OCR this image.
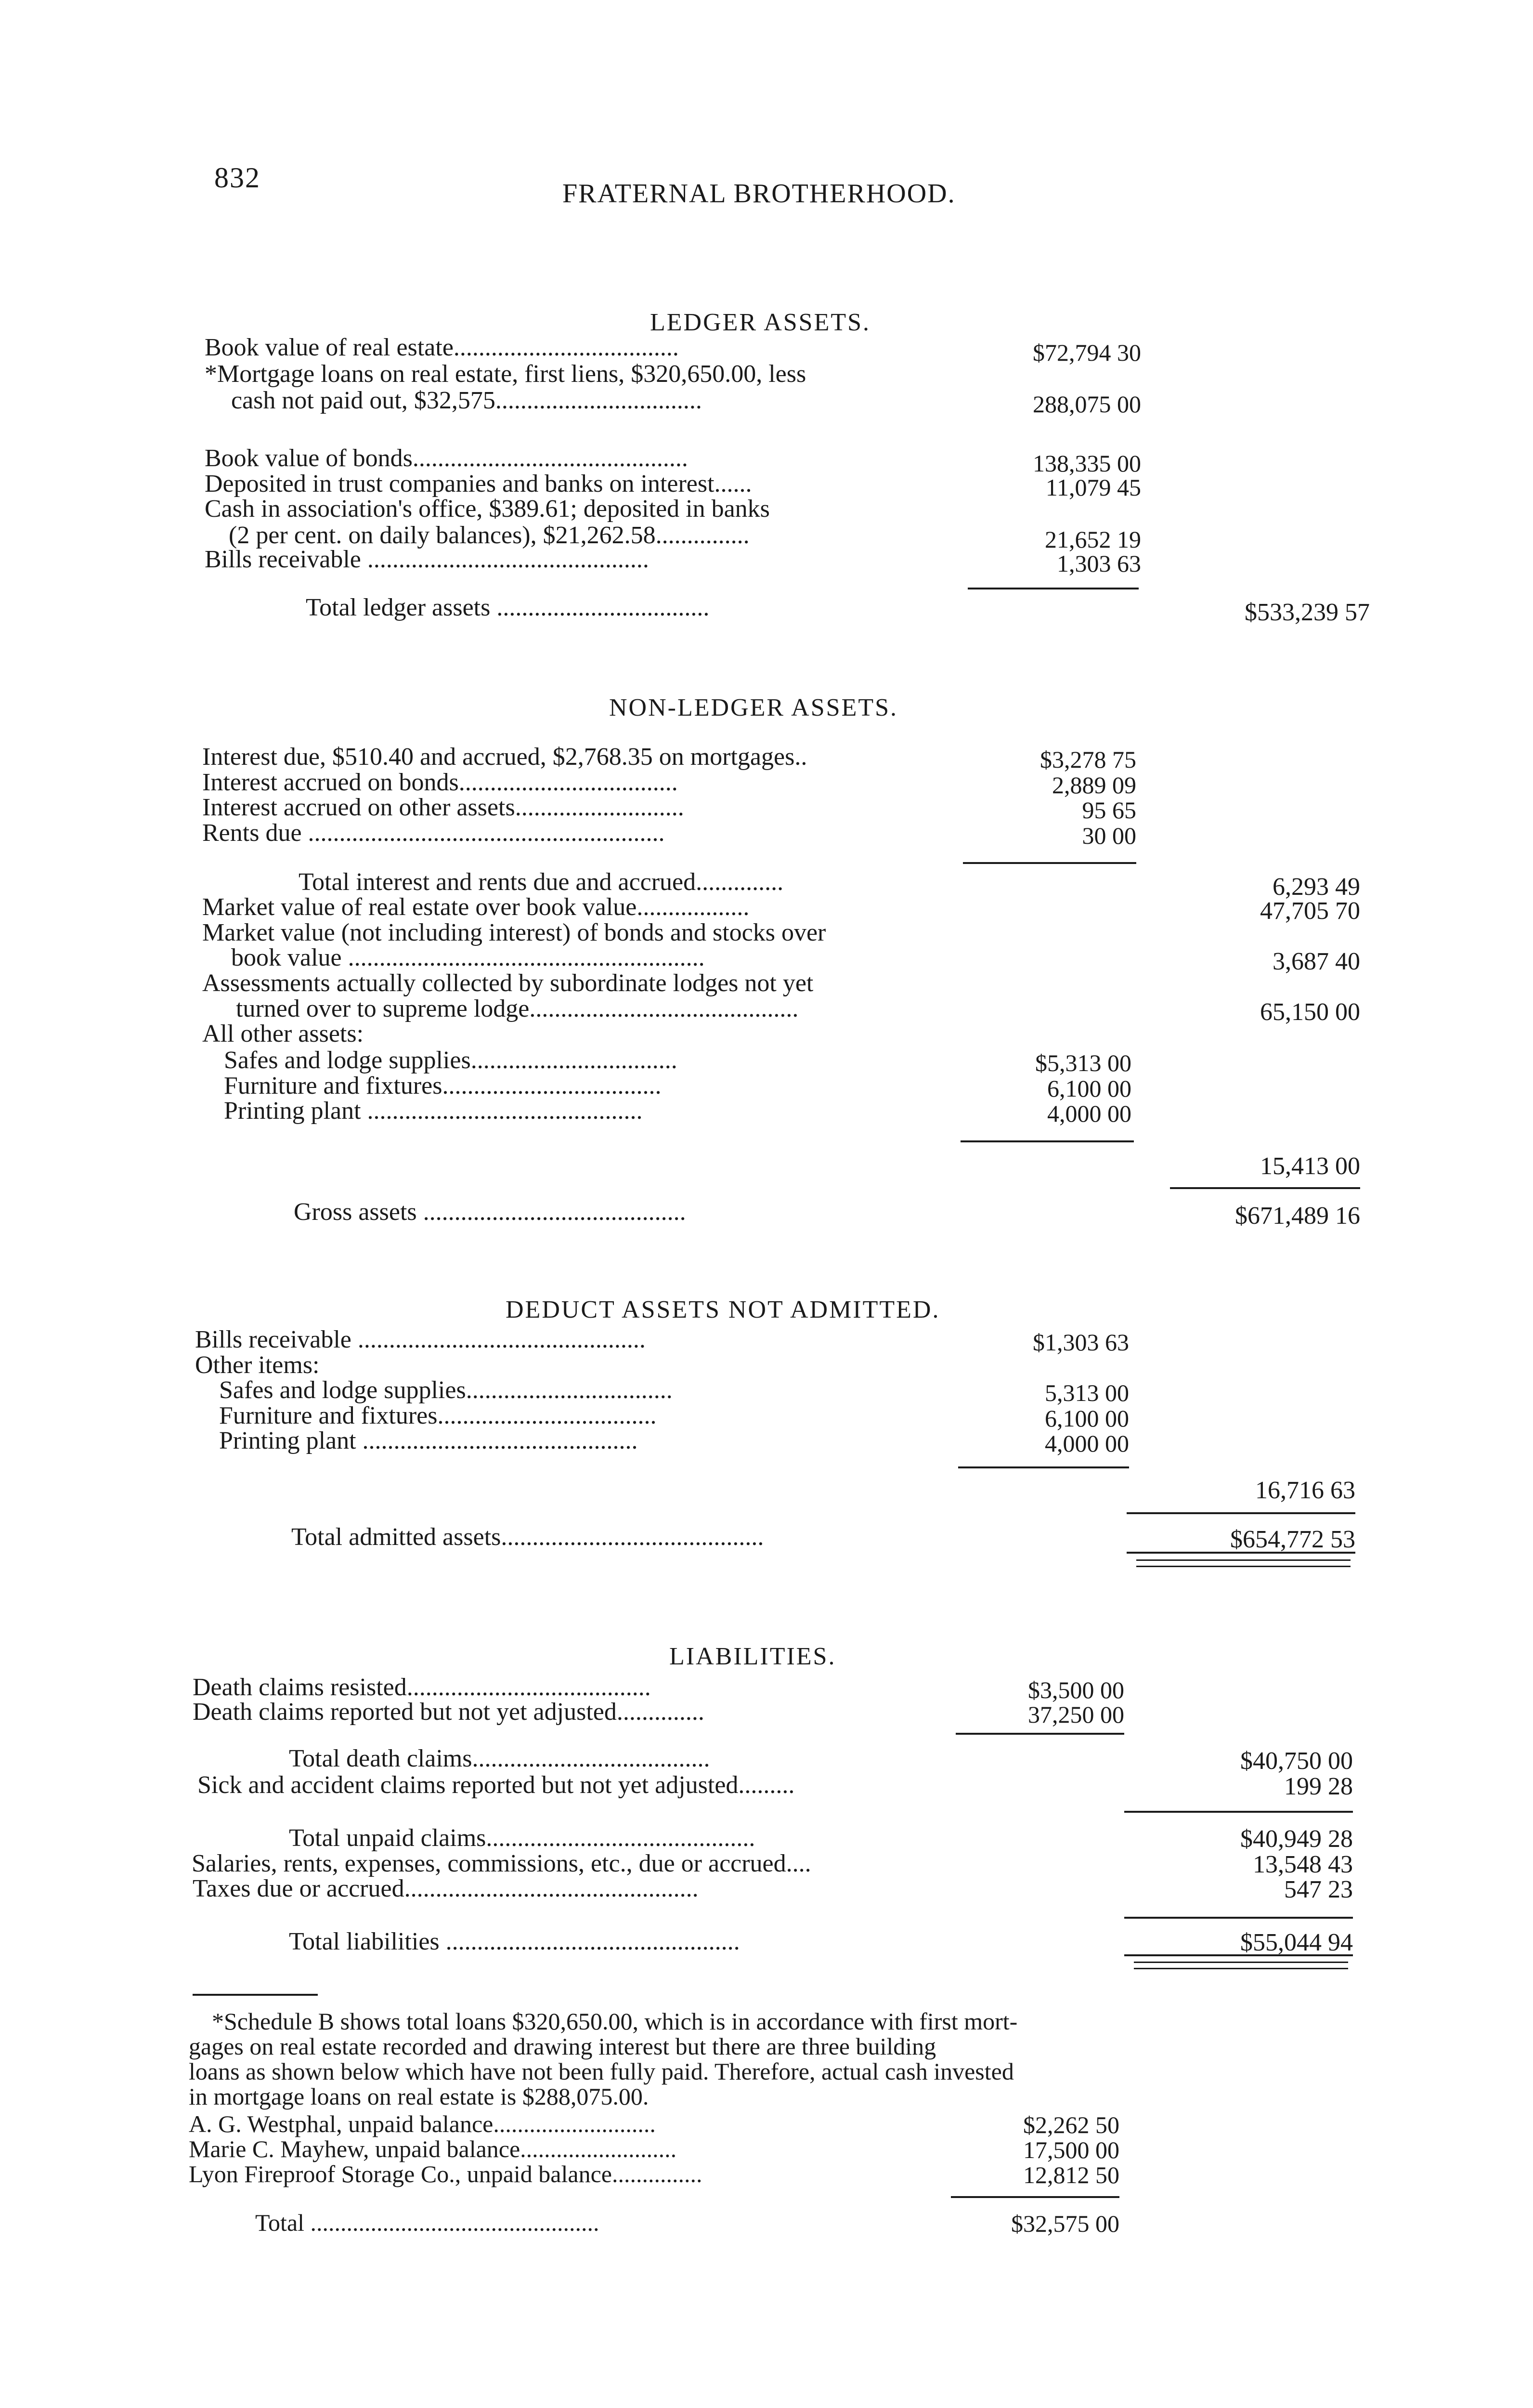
832	FRATERNAL BROTHERHOOD.
LEDGER ASSETS.
Book value of real estate....................................	$72,794 30
*Mortgage loans on real estate, first liens, $320,650.00, less
cash not paid out, $32,575.................................	288,075 00
Book value of bonds............................................	138,335 00
Deposited in trust companies and banks on interest......	11,079 45
Cash in association's office, $389.61; deposited in banks
(2 per cent. on daily balances), $21,262.58...............	21,652 19
Bills receivable .............................................	1,303 63
Total ledger assets ..................................	$533,239 57
NON-LEDGER ASSETS.
Interest due, $510.40 and accrued, $2,768.35 on mortgages..	$3,278 75
Interest accrued on bonds...................................	2,889 09
Interest accrued on other assets...........................	95 65
Rents due .........................................................	30 00
Total interest and rents due and accrued..............	6,293 49
Market value of real estate over book value..................	47,705 70
Market value (not including interest) of bonds and stocks over
book value .........................................................	3,687 40
Assessments actually collected by subordinate lodges not yet
turned over to supreme lodge...........................................	65,150 00
All other assets:
Safes and lodge supplies.................................	$5,313 00
Furniture and fixtures...................................	6,100 00
Printing plant ............................................	4,000 00
15,413 00
Gross assets ..........................................	$671,489 16
DEDUCT ASSETS NOT ADMITTED.
Bills receivable ..............................................	$1,303 63
Other items:
Safes and lodge supplies.................................	5,313 00
Furniture and fixtures...................................	6,100 00
Printing plant ............................................	4,000 00
16,716 63
Total admitted assets..........................................	$654,772 53
LIABILITIES.
Death claims resisted.......................................	$3,500 00
Death claims reported but not yet adjusted..............	37,250 00
Total death claims......................................	$40,750 00
Sick and accident claims reported but not yet adjusted.........	199 28
Total unpaid claims...........................................	$40,949 28
Salaries, rents, expenses, commissions, etc., due or accrued....	13,548 43
Taxes due or accrued...............................................	547 23
Total liabilities ...............................................	$55,044 94
*Schedule B shows total loans $320,650.00, which is in accordance with first mort-
gages on real estate recorded and drawing interest but there are three building
loans as shown below which have not been fully paid. Therefore, actual cash invested
in mortgage loans on real estate is $288,075.00.
A. G. Westphal, unpaid balance...........................	$2,262 50
Marie C. Mayhew, unpaid balance..........................	17,500 00
Lyon Fireproof Storage Co., unpaid balance...............	12,812 50
Total ................................................	$32,575 00
